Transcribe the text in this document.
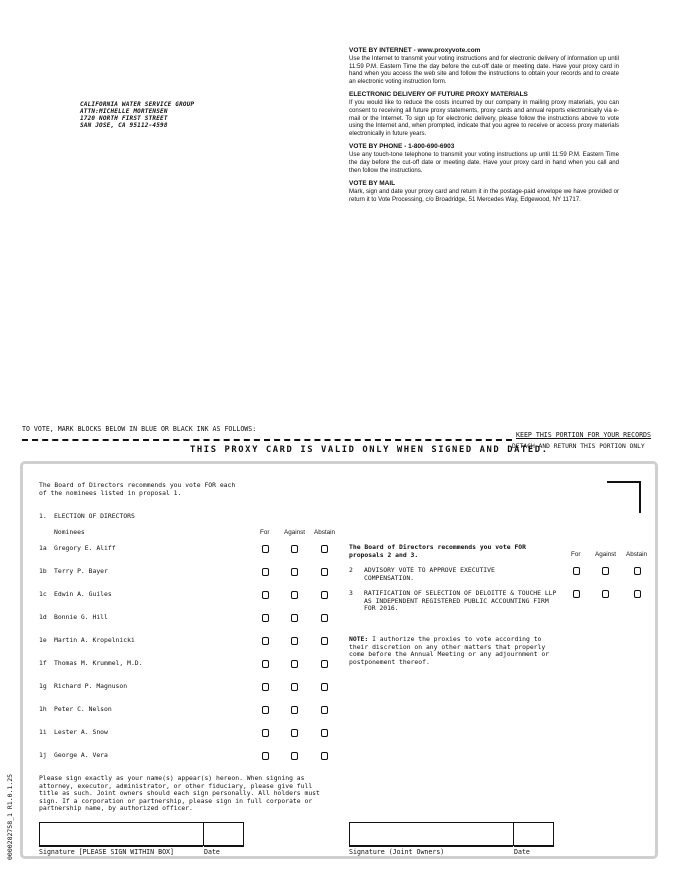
CALIFORNIA WATER SERVICE GROUP
ATTN:MICHELLE MORTENSEN
1720 NORTH FIRST STREET
SAN JOSE, CA 95112-4598
VOTE BY INTERNET - www.proxyvote.com

Use the Internet to transmit your voting instructions and for electronic delivery of information up until 11:59 P.M. Eastern Time the day before the cut-off date or meeting date. Have your proxy card in hand when you access the web site and follow the instructions to obtain your records and to create an electronic voting instruction form.

ELECTRONIC DELIVERY OF FUTURE PROXY MATERIALS

If you would like to reduce the costs incurred by our company in mailing proxy materials, you can consent to receiving all future proxy statements, proxy cards and annual reports electronically via e-mail or the Internet. To sign up for electronic delivery, please follow the instructions above to vote using the Internet and, when prompted, indicate that you agree to receive or access proxy materials electronically in future years.

VOTE BY PHONE - 1-800-690-6903

Use any touch-tone telephone to transmit your voting instructions up until 11:59 P.M. Eastern Time the day before the cut-off date or meeting date. Have your proxy card in hand when you call and then follow the instructions.

VOTE BY MAIL

Mark, sign and date your proxy card and return it in the postage-paid envelope we have provided or return it to Vote Processing, c/o Broadridge, 51 Mercedes Way, Edgewood, NY 11717.

TO VOTE, MARK BLOCKS BELOW IN BLUE OR BLACK INK AS FOLLOWS:
KEEP THIS PORTION FOR YOUR RECORDS
DETACH AND RETURN THIS PORTION ONLY
THIS PROXY CARD IS VALID ONLY WHEN SIGNED AND DATED.
The Board of Directors recommends you vote FOR each of the nominees listed in proposal 1.
1. ELECTION OF DIRECTORS
Nominees	For Against Abstain
1a Gregory E. Aliff
1b Terry P. Bayer
1c Edwin A. Guiles
1d Bonnie G. Hill
1e Martin A. Kropelnicki
1f Thomas M. Krummel, M.D.
1g Richard P. Magnuson
1h Peter C. Nelson
1i Lester A. Snow
1j George A. Vera
The Board of Directors recommends you vote FOR proposals 2 and 3.	For Against Abstain
2 ADVISORY VOTE TO APPROVE EXECUTIVE COMPENSATION.
3 RATIFICATION OF SELECTION OF DELOITTE & TOUCHE LLP AS INDEPENDENT REGISTERED PUBLIC ACCOUNTING FIRM FOR 2016.
NOTE: I authorize the proxies to vote according to their discretion on any other matters that properly come before the Annual Meeting or any adjournment or postponement thereof.
Please sign exactly as your name(s) appear(s) hereon. When signing as attorney, executor, administrator, or other fiduciary, please give full title as such. Joint owners should each sign personally. All holders must sign. If a corporation or partnership, please sign in full corporate or partnership name, by authorized officer.
Signature [PLEASE SIGN WITHIN BOX]	Date	Signature (Joint Owners)	Date
0000282758_1 R1.0.1.25
